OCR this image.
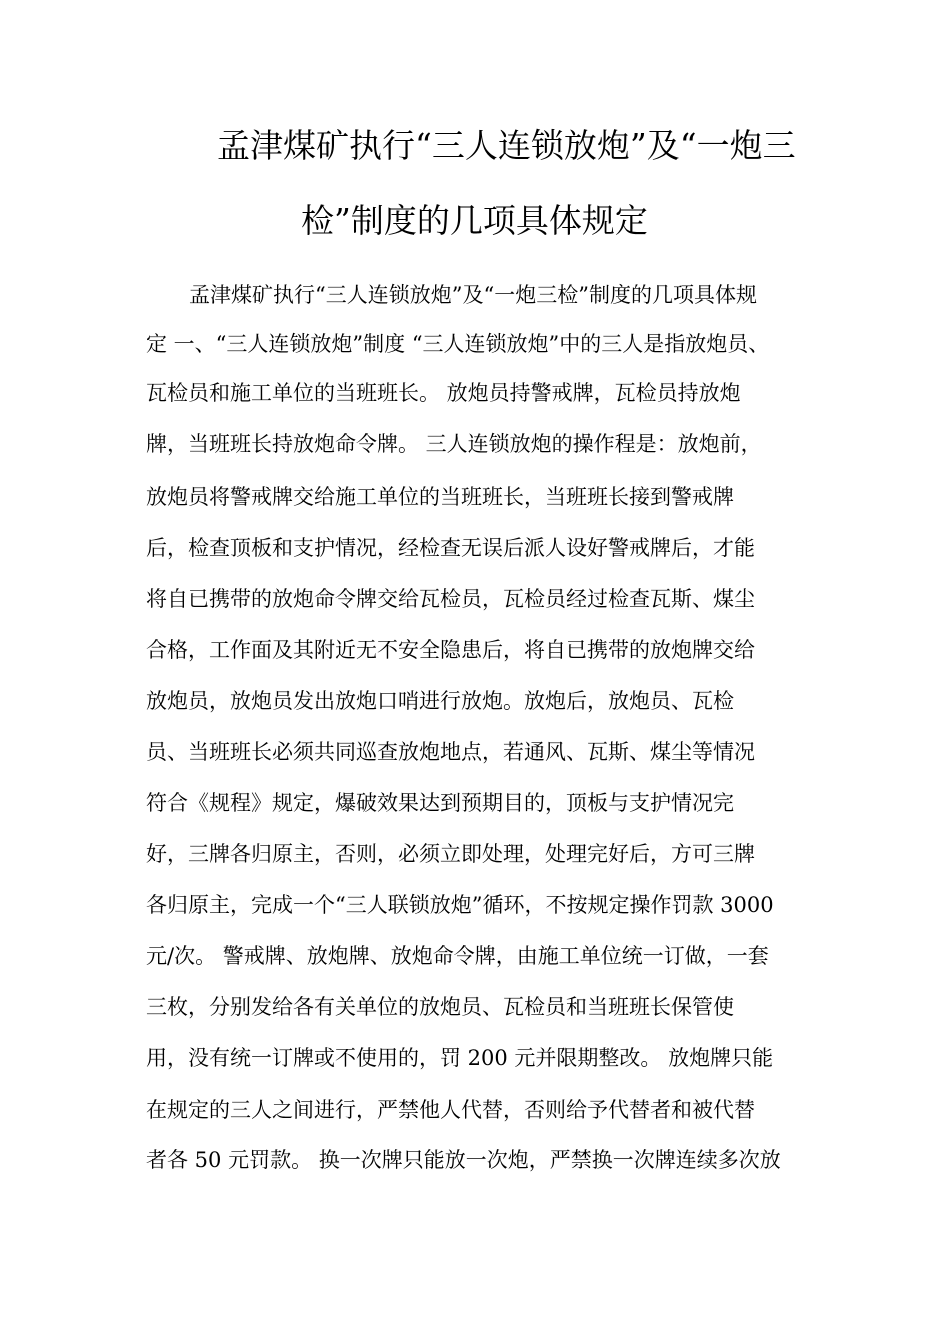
孟津煤矿执行“三人连锁放炮”及“一炮三
检”制度的几项具体规定
孟津煤矿执行“三人连锁放炮”及“一炮三检”制度的几项具体规
定 一、“三人连锁放炮”制度 “三人连锁放炮”中的三人是指放炮员、
瓦检员和施工单位的当班班长。 放炮员持警戒牌，瓦检员持放炮
牌，当班班长持放炮命令牌。 三人连锁放炮的操作程是：放炮前，
放炮员将警戒牌交给施工单位的当班班长，当班班长接到警戒牌
后，检查顶板和支护情况，经检查无误后派人设好警戒牌后，才能
将自已携带的放炮命令牌交给瓦检员，瓦检员经过检查瓦斯、煤尘
合格，工作面及其附近无不安全隐患后，将自已携带的放炮牌交给
放炮员，放炮员发出放炮口哨进行放炮。放炮后，放炮员、瓦检
员、当班班长必须共同巡查放炮地点，若通风、瓦斯、煤尘等情况
符合《规程》规定，爆破效果达到预期目的，顶板与支护情况完
好，三牌各归原主，否则，必须立即处理，处理完好后，方可三牌
各归原主，完成一个“三人联锁放炮”循环，不按规定操作罚款 3000
元/次。 警戒牌、放炮牌、放炮命令牌，由施工单位统一订做，一套
三枚，分别发给各有关单位的放炮员、瓦检员和当班班长保管使
用，没有统一订牌或不使用的，罚 200 元并限期整改。 放炮牌只能
在规定的三人之间进行，严禁他人代替，否则给予代替者和被代替
者各 50 元罚款。 换一次牌只能放一次炮，严禁换一次牌连续多次放
